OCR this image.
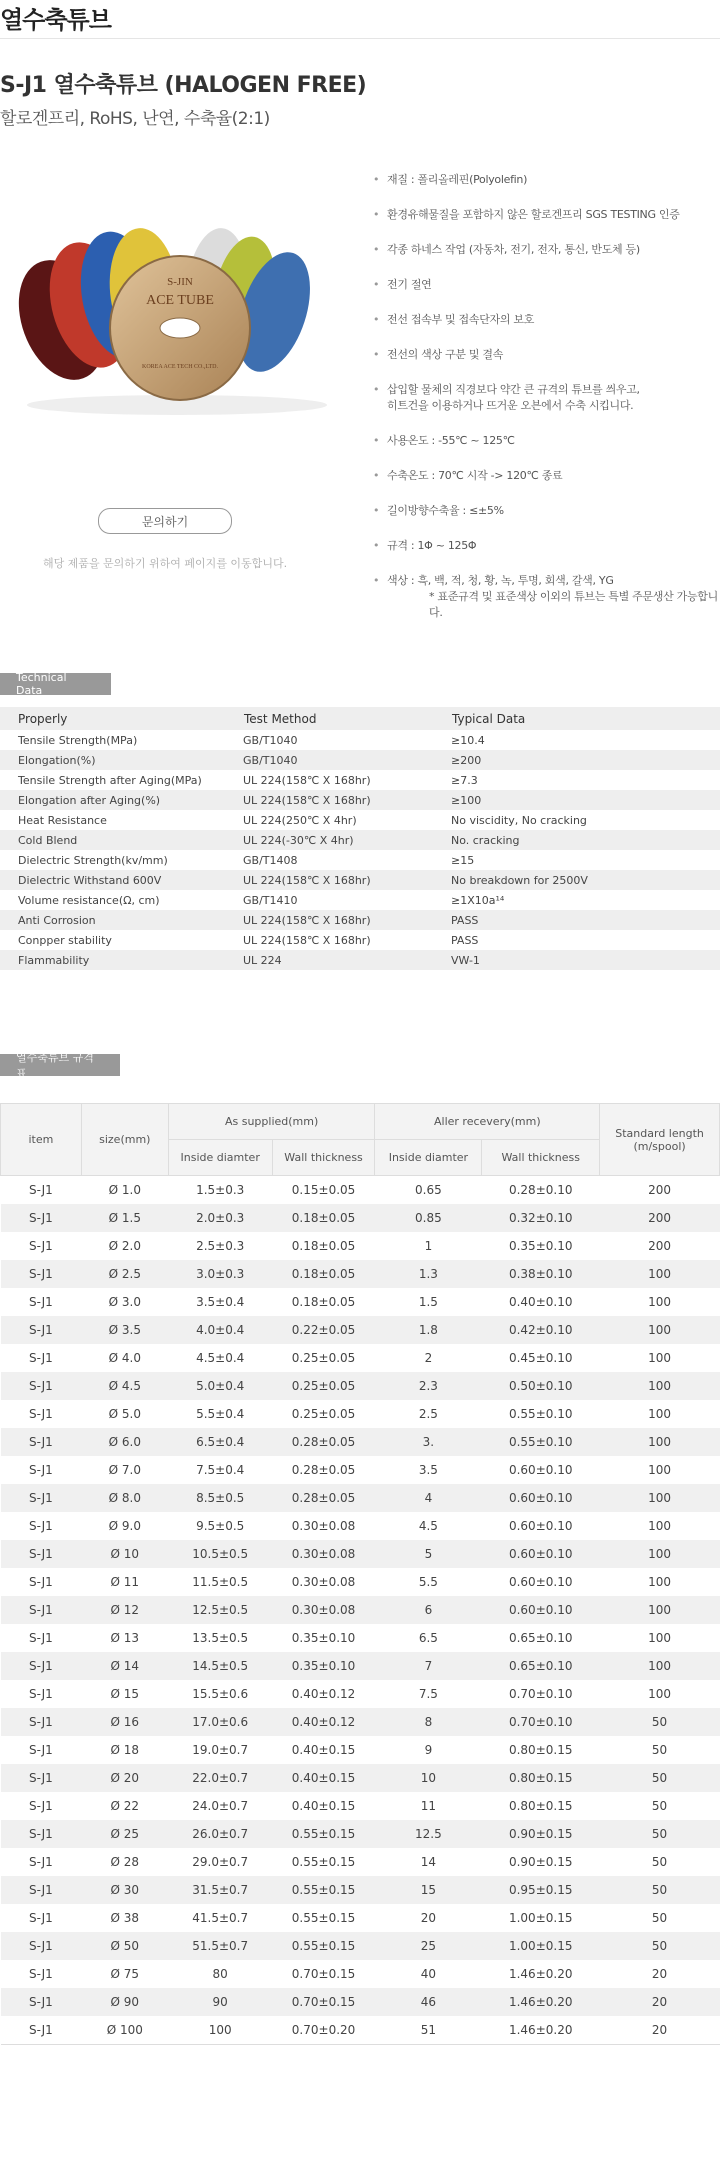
열수축튜브
S-J1 열수축튜브 (HALOGEN FREE)
할로겐프리, RoHS, 난연, 수축율(2:1)
S-JIN
ACE TUBE
KOREA ACE TECH CO.,LTD.
문의하기
해당 제품을 문의하기 위하여 페이지를 이동합니다.
• 재질 : 폴리올레핀(Polyolefin)
• 환경유해물질을 포함하지 않은 할로겐프리 SGS TESTING 인증
• 각종 하네스 작업 (자동차, 전기, 전자, 통신, 반도체 등)
• 전기 절연
• 전선 접속부 및 접속단자의 보호
• 전선의 색상 구분 및 결속
• 삽입할 물체의 직경보다 약간 큰 규격의 튜브를 씌우고,
히트건을 이용하거나 뜨거운 오븐에서 수축 시킵니다.
• 사용온도 : -55℃ ~ 125℃
• 수축온도 : 70℃ 시작 -> 120℃ 종료
• 길이방향수축율 : ≤±5%
• 규격 : 1Φ ~ 125Φ
• 색상 : 흑, 백, 적, 청, 황, 녹, 투명, 회색, 갈색, YG
* 표준규격 및 표준색상 이외의 튜브는 특별 주문생산 가능합니다.
Technical Data
Properly	Test Method	Typical Data
Tensile Strength(MPa)	GB/T1040	≥10.4
Elongation(%)	GB/T1040	≥200
Tensile Strength after Aging(MPa)	UL 224(158℃ X 168hr)	≥7.3
Elongation after Aging(%)	UL 224(158℃ X 168hr)	≥100
Heat Resistance	UL 224(250℃ X 4hr)	No viscidity, No cracking
Cold Blend	UL 224(-30℃ X 4hr)	No. cracking
Dielectric Strength(kv/mm)	GB/T1408	≥15
Dielectric Withstand 600V	UL 224(158℃ X 168hr)	No breakdown for 2500V
Volume resistance(Ω, cm)	GB/T1410	≥1X10a¹⁴
Anti Corrosion	UL 224(158℃ X 168hr)	PASS
Conpper stability	UL 224(158℃ X 168hr)	PASS
Flammability	UL 224	VW-1
열수축튜브 규격표
item	size(mm)	As supplied(mm)		Aller recevery(mm)		Standard length (m/spool)
		Inside diamter	Wall thickness	Inside diamter	Wall thickness	
S-J1	Ø 1.0	1.5±0.3	0.15±0.05	0.65	0.28±0.10	200
S-J1	Ø 1.5	2.0±0.3	0.18±0.05	0.85	0.32±0.10	200
S-J1	Ø 2.0	2.5±0.3	0.18±0.05	1	0.35±0.10	200
S-J1	Ø 2.5	3.0±0.3	0.18±0.05	1.3	0.38±0.10	100
S-J1	Ø 3.0	3.5±0.4	0.18±0.05	1.5	0.40±0.10	100
S-J1	Ø 3.5	4.0±0.4	0.22±0.05	1.8	0.42±0.10	100
S-J1	Ø 4.0	4.5±0.4	0.25±0.05	2	0.45±0.10	100
S-J1	Ø 4.5	5.0±0.4	0.25±0.05	2.3	0.50±0.10	100
S-J1	Ø 5.0	5.5±0.4	0.25±0.05	2.5	0.55±0.10	100
S-J1	Ø 6.0	6.5±0.4	0.28±0.05	3.	0.55±0.10	100
S-J1	Ø 7.0	7.5±0.4	0.28±0.05	3.5	0.60±0.10	100
S-J1	Ø 8.0	8.5±0.5	0.28±0.05	4	0.60±0.10	100
S-J1	Ø 9.0	9.5±0.5	0.30±0.08	4.5	0.60±0.10	100
S-J1	Ø 10	10.5±0.5	0.30±0.08	5	0.60±0.10	100
S-J1	Ø 11	11.5±0.5	0.30±0.08	5.5	0.60±0.10	100
S-J1	Ø 12	12.5±0.5	0.30±0.08	6	0.60±0.10	100
S-J1	Ø 13	13.5±0.5	0.35±0.10	6.5	0.65±0.10	100
S-J1	Ø 14	14.5±0.5	0.35±0.10	7	0.65±0.10	100
S-J1	Ø 15	15.5±0.6	0.40±0.12	7.5	0.70±0.10	100
S-J1	Ø 16	17.0±0.6	0.40±0.12	8	0.70±0.10	50
S-J1	Ø 18	19.0±0.7	0.40±0.15	9	0.80±0.15	50
S-J1	Ø 20	22.0±0.7	0.40±0.15	10	0.80±0.15	50
S-J1	Ø 22	24.0±0.7	0.40±0.15	11	0.80±0.15	50
S-J1	Ø 25	26.0±0.7	0.55±0.15	12.5	0.90±0.15	50
S-J1	Ø 28	29.0±0.7	0.55±0.15	14	0.90±0.15	50
S-J1	Ø 30	31.5±0.7	0.55±0.15	15	0.95±0.15	50
S-J1	Ø 38	41.5±0.7	0.55±0.15	20	1.00±0.15	50
S-J1	Ø 50	51.5±0.7	0.55±0.15	25	1.00±0.15	50
S-J1	Ø 75	80	0.70±0.15	40	1.46±0.20	20
S-J1	Ø 90	90	0.70±0.15	46	1.46±0.20	20
S-J1	Ø 100	100	0.70±0.20	51	1.46±0.20	20
